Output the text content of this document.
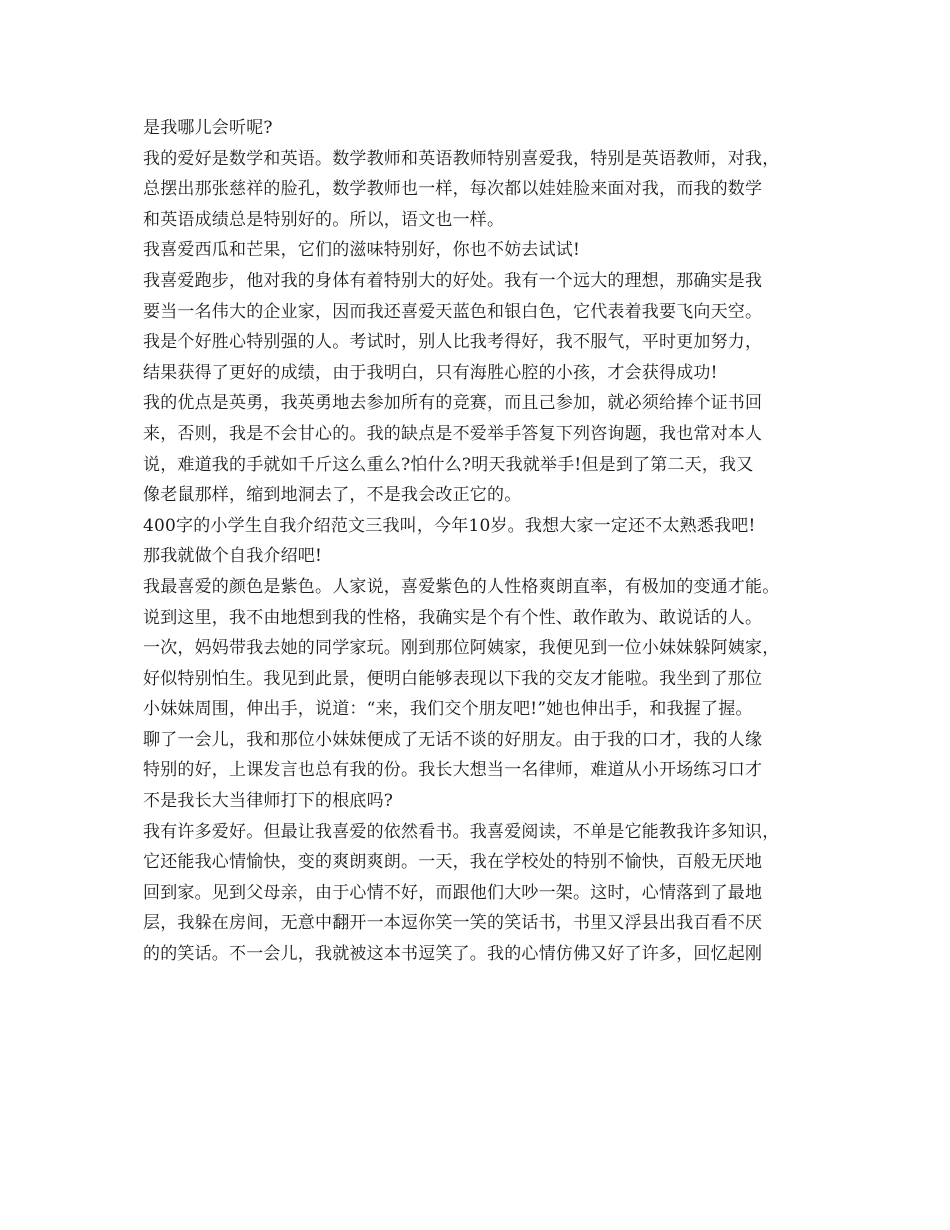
是我哪儿会听呢?
我的爱好是数学和英语。数学教师和英语教师特别喜爱我，特别是英语教师，对我，
总摆出那张慈祥的脸孔，数学教师也一样，每次都以娃娃脸来面对我，而我的数学
和英语成绩总是特别好的。所以，语文也一样。
我喜爱西瓜和芒果，它们的滋味特别好，你也不妨去试试!
我喜爱跑步，他对我的身体有着特别大的好处。我有一个远大的理想，那确实是我
要当一名伟大的企业家，因而我还喜爱天蓝色和银白色，它代表着我要飞向天空。
我是个好胜心特别强的人。考试时，别人比我考得好，我不服气，平时更加努力，
结果获得了更好的成绩，由于我明白，只有海胜心腔的小孩，才会获得成功!
我的优点是英勇，我英勇地去参加所有的竞赛，而且己参加，就必须给捧个证书回
来，否则，我是不会甘心的。我的缺点是不爱举手答复下列咨询题，我也常对本人
说，难道我的手就如千斤这么重么?怕什么?明天我就举手!但是到了第二天，我又
像老鼠那样，缩到地洞去了，不是我会改正它的。
400字的小学生自我介绍范文三我叫，今年10岁。我想大家一定还不太熟悉我吧!
那我就做个自我介绍吧!
我最喜爱的颜色是紫色。人家说，喜爱紫色的人性格爽朗直率，有极加的变通才能。
说到这里，我不由地想到我的性格，我确实是个有个性、敢作敢为、敢说话的人。
一次，妈妈带我去她的同学家玩。刚到那位阿姨家，我便见到一位小妹妹躲阿姨家，
好似特别怕生。我见到此景，便明白能够表现以下我的交友才能啦。我坐到了那位
小妹妹周围，伸出手，说道：“来，我们交个朋友吧!”她也伸出手，和我握了握。
聊了一会儿，我和那位小妹妹便成了无话不谈的好朋友。由于我的口才，我的人缘
特别的好，上课发言也总有我的份。我长大想当一名律师，难道从小开场练习口才
不是我长大当律师打下的根底吗?
我有许多爱好。但最让我喜爱的依然看书。我喜爱阅读，不单是它能教我许多知识，
它还能我心情愉快，变的爽朗爽朗。一天，我在学校处的特别不愉快，百般无厌地
回到家。见到父母亲，由于心情不好，而跟他们大吵一架。这时，心情落到了最地
层，我躲在房间，无意中翻开一本逗你笑一笑的笑话书，书里又浮县出我百看不厌
的的笑话。不一会儿，我就被这本书逗笑了。我的心情仿佛又好了许多，回忆起刚
